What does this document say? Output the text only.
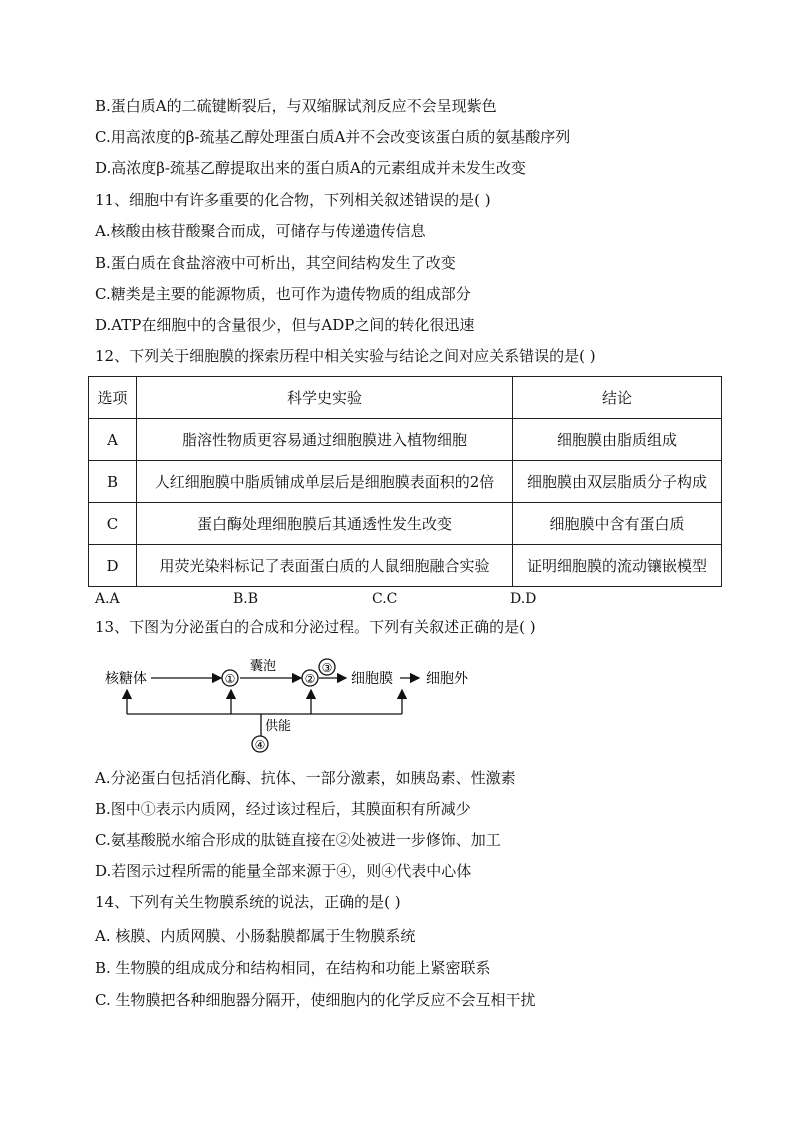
B.蛋白质A的二硫键断裂后，与双缩脲试剂反应不会呈现紫色
C.用高浓度的β-巯基乙醇处理蛋白质A并不会改变该蛋白质的氨基酸序列
D.高浓度β-巯基乙醇提取出来的蛋白质A的元素组成并未发生改变
11、细胞中有许多重要的化合物，下列相关叙述错误的是( )
A.核酸由核苷酸聚合而成，可储存与传递遗传信息
B.蛋白质在食盐溶液中可析出，其空间结构发生了改变
C.糖类是主要的能源物质，也可作为遗传物质的组成部分
D.ATP在细胞中的含量很少，但与ADP之间的转化很迅速
12、下列关于细胞膜的探索历程中相关实验与结论之间对应关系错误的是( )
选项	科学史实验	结论
A	脂溶性物质更容易通过细胞膜进入植物细胞	细胞膜由脂质组成
B	人红细胞膜中脂质铺成单层后是细胞膜表面积的2倍	细胞膜由双层脂质分子构成
C	蛋白酶处理细胞膜后其通透性发生改变	细胞膜中含有蛋白质
D	用荧光染料标记了表面蛋白质的人鼠细胞融合实验	证明细胞膜的流动镶嵌模型
A.A	B.B	C.C	D.D
13、下图为分泌蛋白的合成和分泌过程。下列有关叙述正确的是( )
核糖体	①
囊泡	③
②	细胞膜 细胞外
供能
④
A.分泌蛋白包括消化酶、抗体、一部分激素，如胰岛素、性激素
B.图中①表示内质网，经过该过程后，其膜面积有所减少
C.氨基酸脱水缩合形成的肽链直接在②处被进一步修饰、加工
D.若图示过程所需的能量全部来源于④，则④代表中心体
14、下列有关生物膜系统的说法，正确的是( )
A. 核膜、内质网膜、小肠黏膜都属于生物膜系统
B. 生物膜的组成成分和结构相同，在结构和功能上紧密联系
C. 生物膜把各种细胞器分隔开，使细胞内的化学反应不会互相干扰
